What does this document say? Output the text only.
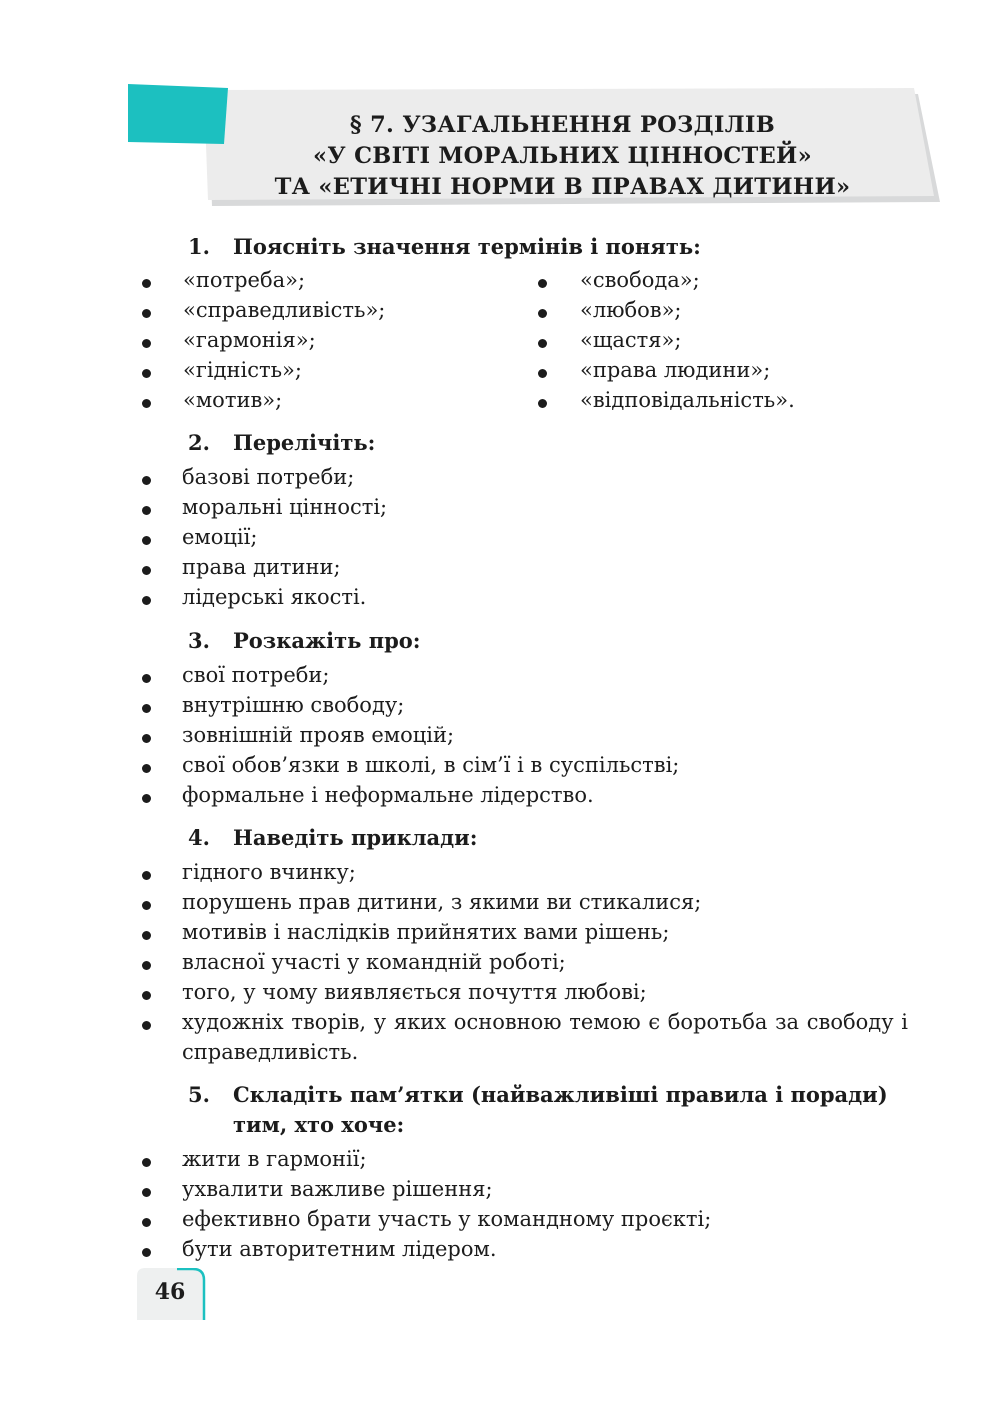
§ 7. УЗАГАЛЬНЕННЯ РОЗДІЛІВ
«У СВІТІ МОРАЛЬНИХ ЦІННОСТЕЙ»
ТА «ЕТИЧНІ НОРМИ В ПРАВАХ ДИТИНИ»
1. Поясніть значення термінів і понять:
«потреба»;
«справедливість»;
«гармонія»;
«гідність»;
«мотив»;
«свобода»;
«любов»;
«щастя»;
«права людини»;
«відповідальність».
2. Перелічіть:
базові потреби;
моральні цінності;
емоції;
права дитини;
лідерські якості.
3. Розкажіть про:
свої потреби;
внутрішню свободу;
зовнішній прояв емоцій;
свої обов’язки в школі, в сім’ї і в суспільстві;
формальне і неформальне лідерство.
4. Наведіть приклади:
гідного вчинку;
порушень прав дитини, з якими ви стикалися;
мотивів і наслідків прийнятих вами рішень;
власної участі у командній роботі;
того, у чому виявляється почуття любові;
художніх творів, у яких основною темою є боротьба за свободу і справедливість.
5. Складіть пам’ятки (найважливіші правила і поради)
тим, хто хоче:
жити в гармонії;
ухвалити важливе рішення;
ефективно брати участь у командному проєкті;
бути авторитетним лідером.
46
